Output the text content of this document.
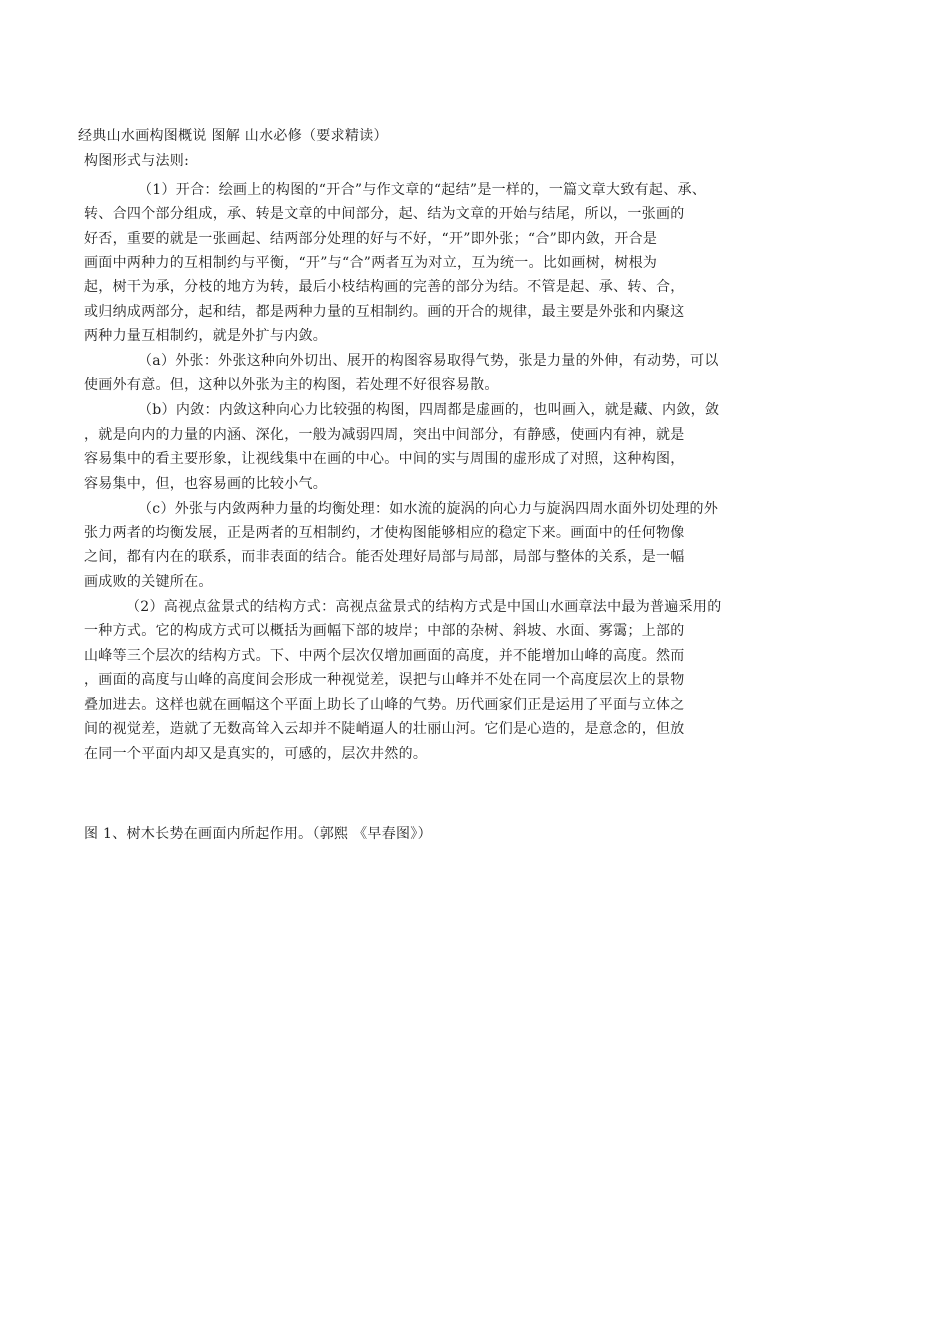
经典山水画构图概说 图解 山水必修（要求精读）
构图形式与法则:
（1）开合：绘画上的构图的“开合”与作文章的“起结”是一样的，一篇文章大致有起、承、
转、合四个部分组成，承、转是文章的中间部分，起、结为文章的开始与结尾，所以，一张画的
好否，重要的就是一张画起、结两部分处理的好与不好，“开”即外张；“合”即内敛，开合是
画面中两种力的互相制约与平衡，“开”与“合”两者互为对立，互为统一。比如画树，树根为
起，树干为承，分枝的地方为转，最后小枝结构画的完善的部分为结。不管是起、承、转、合，
或归纳成两部分，起和结，都是两种力量的互相制约。画的开合的规律，最主要是外张和内聚这
两种力量互相制约，就是外扩与内敛。
（a）外张：外张这种向外切出、展开的构图容易取得气势，张是力量的外伸，有动势，可以
使画外有意。但，这种以外张为主的构图，若处理不好很容易散。
（b）内敛：内敛这种向心力比较强的构图，四周都是虚画的，也叫画入，就是藏、内敛，敛
，就是向内的力量的内涵、深化，一般为减弱四周，突出中间部分，有静感，使画内有神，就是
容易集中的看主要形象，让视线集中在画的中心。中间的实与周围的虚形成了对照，这种构图，
容易集中，但，也容易画的比较小气。
（c）外张与内敛两种力量的均衡处理：如水流的旋涡的向心力与旋涡四周水面外切处理的外
张力两者的均衡发展，正是两者的互相制约，才使构图能够相应的稳定下来。画面中的任何物像
之间，都有内在的联系，而非表面的结合。能否处理好局部与局部，局部与整体的关系，是一幅
画成败的关键所在。
（2）高视点盆景式的结构方式：高视点盆景式的结构方式是中国山水画章法中最为普遍采用的
一种方式。它的构成方式可以概括为画幅下部的坡岸；中部的杂树、斜坡、水面、雾霭；上部的
山峰等三个层次的结构方式。下、中两个层次仅增加画面的高度，并不能增加山峰的高度。然而
，画面的高度与山峰的高度间会形成一种视觉差，误把与山峰并不处在同一个高度层次上的景物
叠加进去。这样也就在画幅这个平面上助长了山峰的气势。历代画家们正是运用了平面与立体之
间的视觉差，造就了无数高耸入云却并不陡峭逼人的壮丽山河。它们是心造的，是意念的，但放
在同一个平面内却又是真实的，可感的，层次井然的。
图 1、树木长势在画面内所起作用。（郭熙 《早春图》）
